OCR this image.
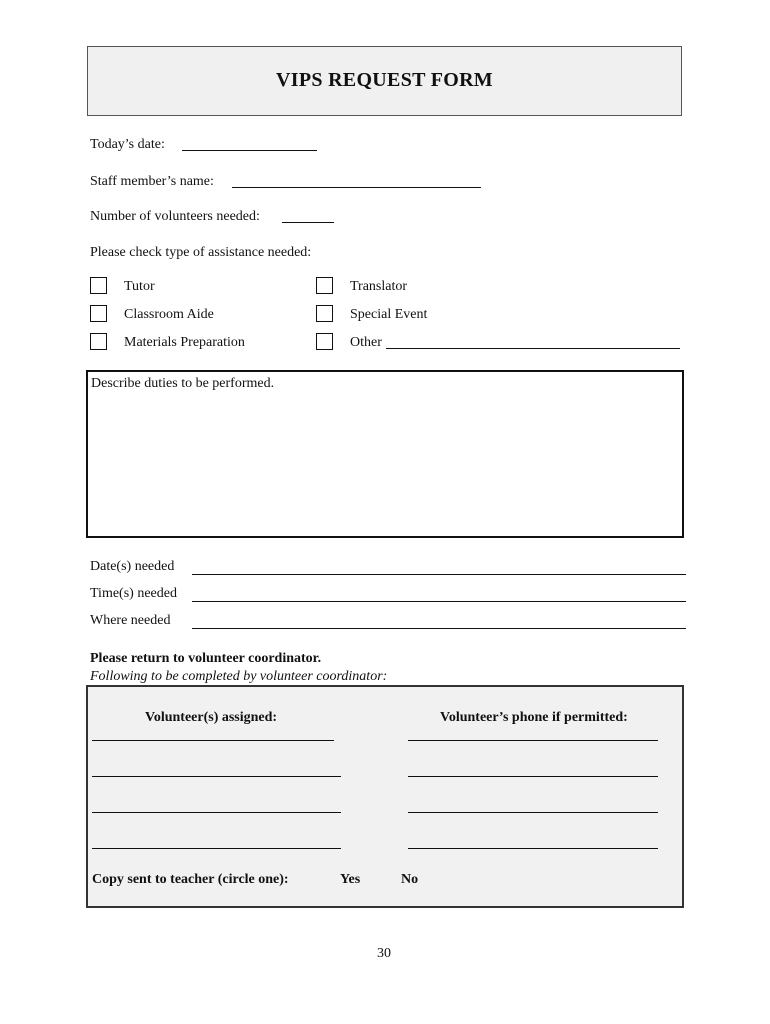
VIPS REQUEST FORM
Today’s date:
Staff member’s name:
Number of volunteers needed:
Please check type of assistance needed:
Tutor
Classroom Aide
Materials Preparation
Translator
Special Event
Other
Describe duties to be performed.
Date(s) needed
Time(s) needed
Where needed
Please return to volunteer coordinator.
Following to be completed by volunteer coordinator:
Volunteer(s) assigned:	Volunteer’s phone if permitted:
Copy sent to teacher (circle one):	Yes	No
30
